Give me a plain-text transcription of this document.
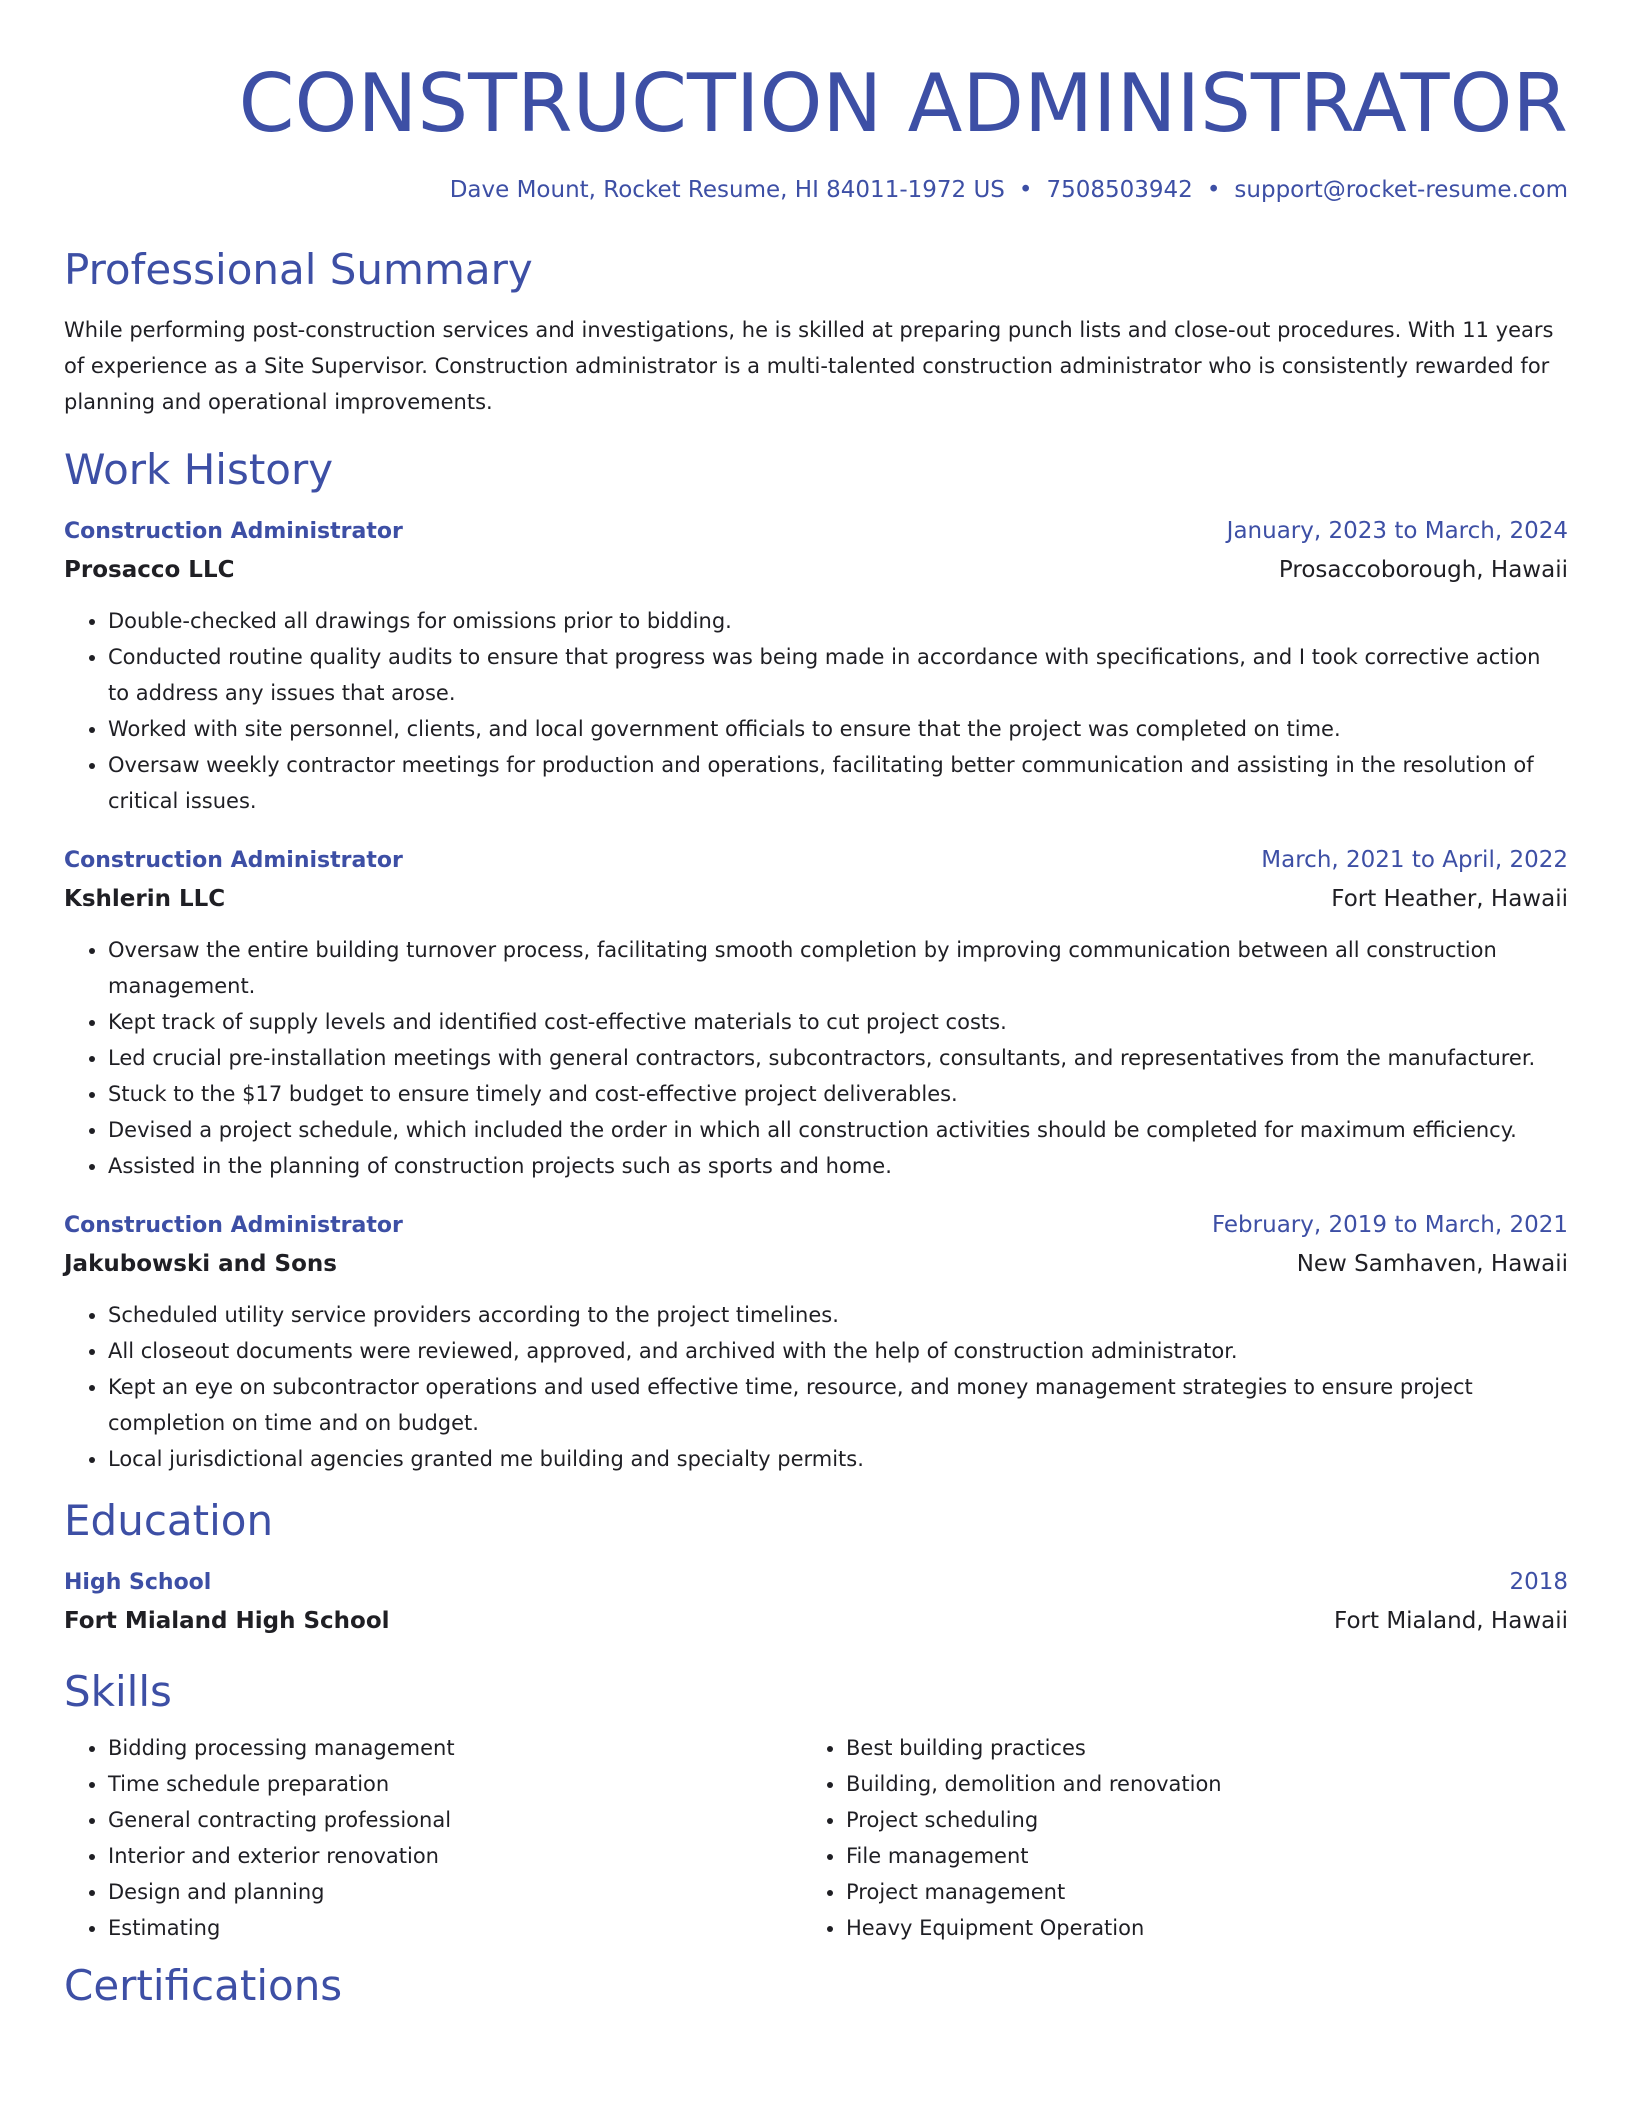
CONSTRUCTION ADMINISTRATOR
Dave Mount, Rocket Resume, HI 84011-1972 US • 7508503942 • support@rocket-resume.com
Professional Summary
While performing post-construction services and investigations, he is skilled at preparing punch lists and close-out procedures. With 11 years of experience as a Site Supervisor. Construction administrator is a multi-talented construction administrator who is consistently rewarded for planning and operational improvements.
Work History
Construction Administrator	January, 2023 to March, 2024
Prosacco LLC	Prosaccoborough, Hawaii
• Double-checked all drawings for omissions prior to bidding.
• Conducted routine quality audits to ensure that progress was being made in accordance with specifications, and I took corrective action to address any issues that arose.
• Worked with site personnel, clients, and local government officials to ensure that the project was completed on time.
• Oversaw weekly contractor meetings for production and operations, facilitating better communication and assisting in the resolution of critical issues.
Construction Administrator	March, 2021 to April, 2022
Kshlerin LLC	Fort Heather, Hawaii
• Oversaw the entire building turnover process, facilitating smooth completion by improving communication between all construction management.
• Kept track of supply levels and identified cost-effective materials to cut project costs.
• Led crucial pre-installation meetings with general contractors, subcontractors, consultants, and representatives from the manufacturer.
• Stuck to the $17 budget to ensure timely and cost-effective project deliverables.
• Devised a project schedule, which included the order in which all construction activities should be completed for maximum efficiency.
• Assisted in the planning of construction projects such as sports and home.
Construction Administrator	February, 2019 to March, 2021
Jakubowski and Sons	New Samhaven, Hawaii
• Scheduled utility service providers according to the project timelines.
• All closeout documents were reviewed, approved, and archived with the help of construction administrator.
• Kept an eye on subcontractor operations and used effective time, resource, and money management strategies to ensure project completion on time and on budget.
• Local jurisdictional agencies granted me building and specialty permits.
Education
High School	2018
Fort Mialand High School	Fort Mialand, Hawaii
Skills
• Bidding processing management
• Time schedule preparation
• General contracting professional
• Interior and exterior renovation
• Design and planning
• Estimating
• Best building practices
• Building, demolition and renovation
• Project scheduling
• File management
• Project management
• Heavy Equipment Operation
Certifications
